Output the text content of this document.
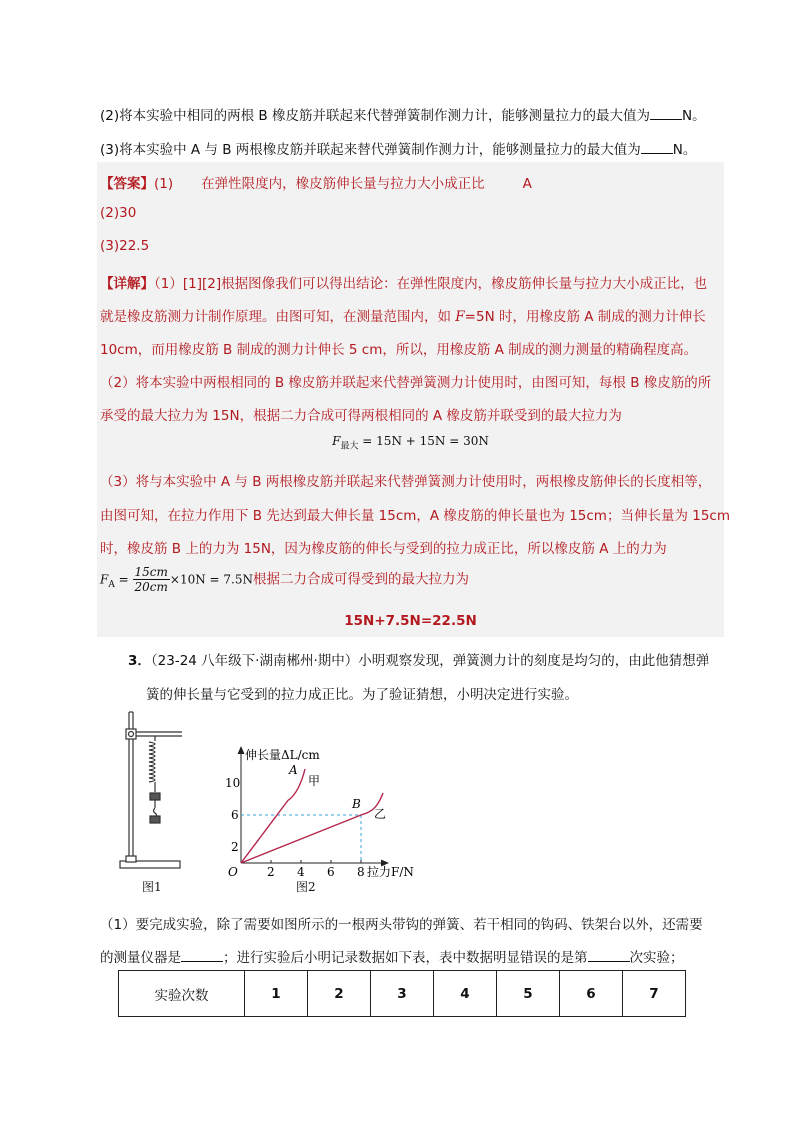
(2)将本实验中相同的两根 B 橡皮筋并联起来代替弹簧制作测力计，能够测量拉力的最大值为 N。
(3)将本实验中 A 与 B 两根橡皮筋并联起来替代弹簧制作测力计，能够测量拉力的最大值为 N。
【答案】(1) 在弹性限度内，橡皮筋伸长量与拉力大小成正比	A
(2)30
(3)22.5
【详解】（1）[1][2]根据图像我们可以得出结论：在弹性限度内，橡皮筋伸长量与拉力大小成正比，也
就是橡皮筋测力计制作原理。由图可知，在测量范围内，如 F=5N 时，用橡皮筋 A 制成的测力计伸长
10cm，而用橡皮筋 B 制成的测力计伸长 5 cm，所以，用橡皮筋 A 制成的测力测量的精确程度高。
（2）将本实验中两根相同的 B 橡皮筋并联起来代替弹簧测力计使用时，由图可知，每根 B 橡皮筋的所
承受的最大拉力为 15N，根据二力合成可得两根相同的 A 橡皮筋并联受到的最大拉力为
$F_{最大} = 15N + 15N = 30N$
（3）将与本实验中 A 与 B 两根橡皮筋并联起来代替弹簧测力计使用时，两根橡皮筋伸长的长度相等，
由图可知，在拉力作用下 B 先达到最大伸长量 15cm，A 橡皮筋的伸长量也为 15cm；当伸长量为 15cm
时，橡皮筋 B 上的力为 15N，因为橡皮筋的伸长与受到的拉力成正比，所以橡皮筋 A 上的力为
$F_A = \frac{15cm}{20cm} \times 10N = 7.5N$根据二力合成可得受到的最大拉力为
15N+7.5N=22.5N
3．（23-24 八年级下·湖南郴州·期中）小明观察发现，弹簧测力计的刻度是均匀的，由此他猜想弹
簧的伸长量与它受到的拉力成正比。为了验证猜想，小明决定进行实验。
图1
2 4 6 8
2
6
10
O
伸长量ΔL/cm
拉力F/N
A
甲
B
乙
图2
（1）要完成实验，除了需要如图所示的一根两头带钩的弹簧、若干相同的钩码、铁架台以外，还需要
的测量仪器是	；进行实验后小明记录数据如下表，表中数据明显错误的是第	次实验；
实验次数	1	2	3	4	5	6	7
